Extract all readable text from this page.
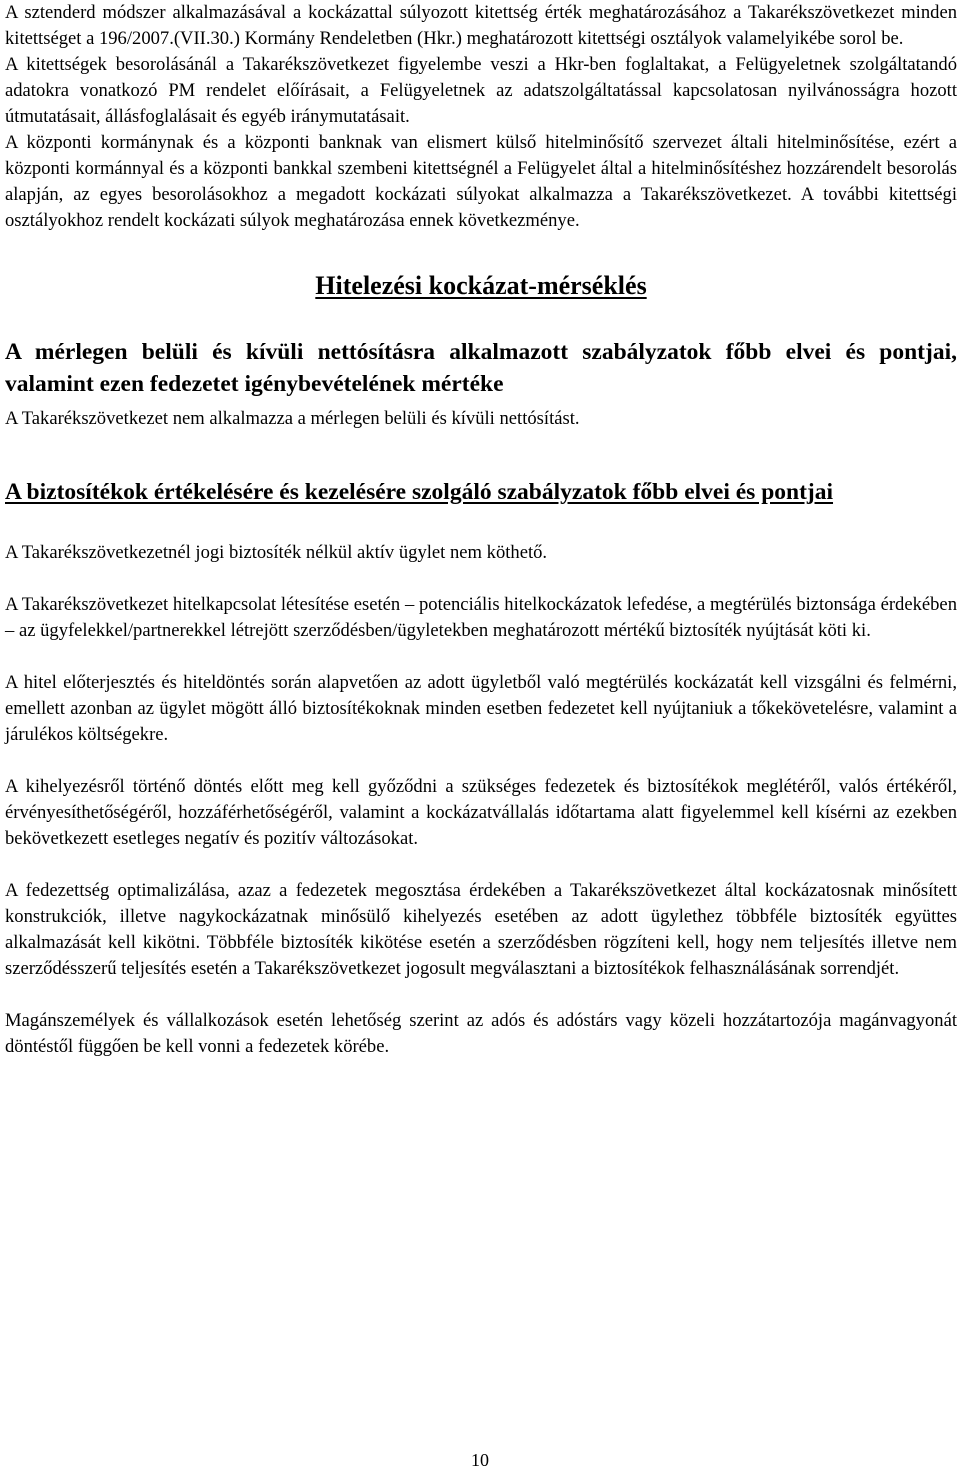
A sztenderd módszer alkalmazásával a kockázattal súlyozott kitettség érték meghatározásához a Takarékszövetkezet minden kitettséget a 196/2007.(VII.30.) Kormány Rendeletben (Hkr.) meghatározott kitettségi osztályok valamelyikébe sorol be.

A kitettségek besorolásánál a Takarékszövetkezet figyelembe veszi a Hkr-ben foglaltakat, a Felügyeletnek szolgáltatandó adatokra vonatkozó PM rendelet előírásait, a Felügyeletnek az adatszolgáltatással kapcsolatosan nyilvánosságra hozott útmutatásait, állásfoglalásait és egyéb iránymutatásait.

A központi kormánynak és a központi banknak van elismert külső hitelminősítő szervezet általi hitelminősítése, ezért a központi kormánnyal és a központi bankkal szembeni kitettségnél a Felügyelet által a hitelminősítéshez hozzárendelt besorolás alapján, az egyes besorolásokhoz a megadott kockázati súlyokat alkalmazza a Takarékszövetkezet. A további kitettségi osztályokhoz rendelt kockázati súlyok meghatározása ennek következménye.

Hitelezési kockázat-mérséklés
A mérlegen belüli és kívüli nettósításra alkalmazott szabályzatok főbb elvei és pontjai, valamint ezen fedezetet igénybevételének mértéke

A Takarékszövetkezet nem alkalmazza a mérlegen belüli és kívüli nettósítást.

A biztosítékok értékelésére és kezelésére szolgáló szabályzatok főbb elvei és pontjai

A Takarékszövetkezetnél jogi biztosíték nélkül aktív ügylet nem köthető.

A Takarékszövetkezet hitelkapcsolat létesítése esetén – potenciális hitelkockázatok lefedése, a megtérülés biztonsága érdekében – az ügyfelekkel/partnerekkel létrejött szerződésben/ügyletekben meghatározott mértékű biztosíték nyújtását köti ki.

A hitel előterjesztés és hiteldöntés során alapvetően az adott ügyletből való megtérülés kockázatát kell vizsgálni és felmérni, emellett azonban az ügylet mögött álló biztosítékoknak minden esetben fedezetet kell nyújtaniuk a tőkekövetelésre, valamint a járulékos költségekre.

A kihelyezésről történő döntés előtt meg kell győződni a szükséges fedezetek és biztosítékok meglétéről, valós értékéről, érvényesíthetőségéről, hozzáférhetőségéről, valamint a kockázatvállalás időtartama alatt figyelemmel kell kísérni az ezekben bekövetkezett esetleges negatív és pozitív változásokat.

A fedezettség optimalizálása, azaz a fedezetek megosztása érdekében a Takarékszövetkezet által kockázatosnak minősített konstrukciók, illetve nagykockázatnak minősülő kihelyezés esetében az adott ügylethez többféle biztosíték együttes alkalmazását kell kikötni. Többféle biztosíték kikötése esetén a szerződésben rögzíteni kell, hogy nem teljesítés illetve nem szerződésszerű teljesítés esetén a Takarékszövetkezet jogosult megválasztani a biztosítékok felhasználásának sorrendjét.

Magánszemélyek és vállalkozások esetén lehetőség szerint az adós és adóstárs vagy közeli hozzátartozója magánvagyonát döntéstől függően be kell vonni a fedezetek körébe.

10
